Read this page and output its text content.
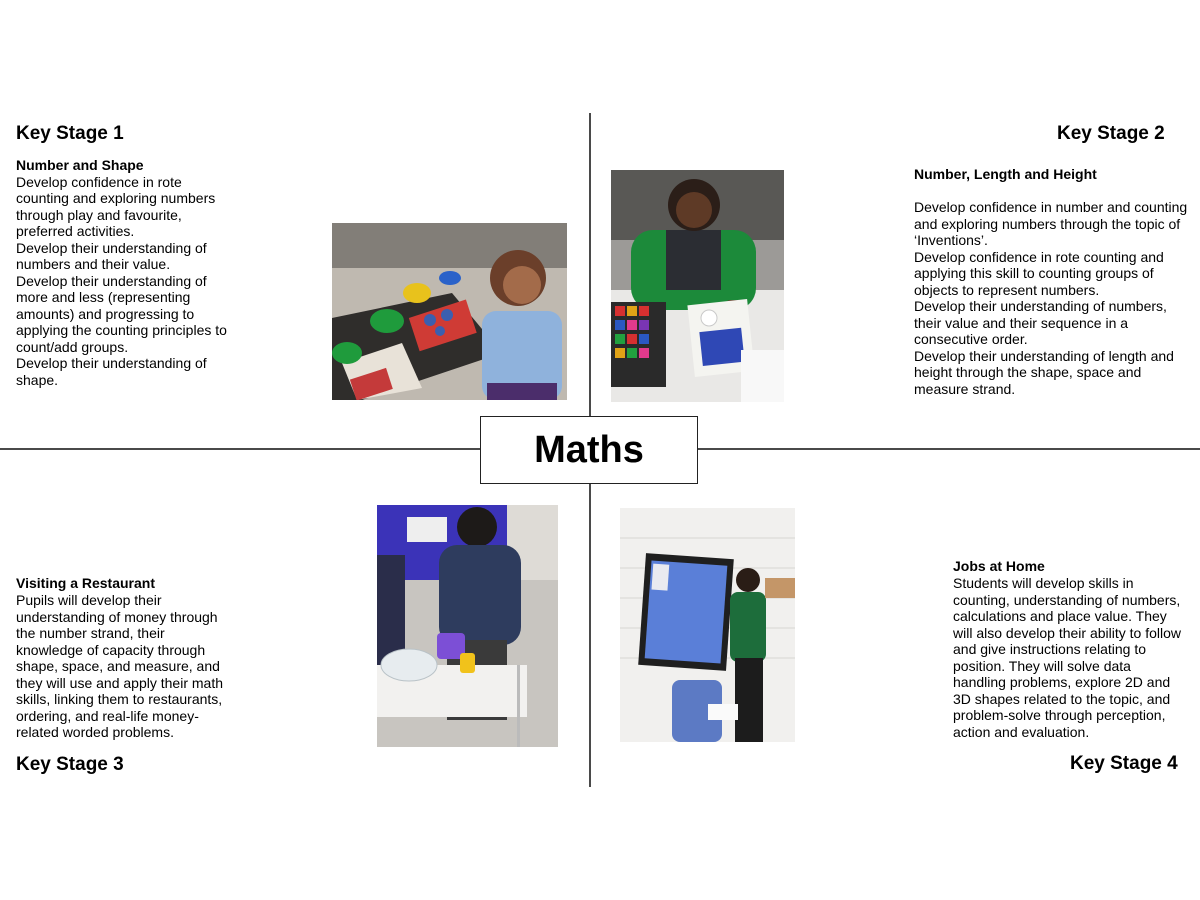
Maths
Key Stage 1
Number and Shape
Develop confidence in rote
counting and exploring numbers
through play and favourite,
preferred activities.
Develop their understanding of
numbers and their value.
Develop their understanding of
more and less (representing
amounts) and progressing to
applying the counting principles to
count/add groups.
Develop their understanding of
shape.
Key Stage 2
Number, Length and Height
Develop confidence in number and counting
and exploring numbers through the topic of
‘Inventions’.
Develop confidence in rote counting and
applying this skill to counting groups of
objects to represent numbers.
Develop their understanding of numbers,
their value and their sequence in a
consecutive order.
Develop their understanding of length and
height through the shape, space and
measure strand.
Visiting a Restaurant
Pupils will develop their
understanding of money through
the number strand, their
knowledge of capacity through
shape, space, and measure, and
they will use and apply their math
skills, linking them to restaurants,
ordering, and real-life money-
related worded problems.
Key Stage 3
Jobs at Home
Students will develop skills in
counting, understanding of numbers,
calculations and place value. They
will also develop their ability to follow
and give instructions relating to
position. They will solve data
handling problems, explore 2D and
3D shapes related to the topic, and
problem-solve through perception,
action and evaluation.
Key Stage 4
